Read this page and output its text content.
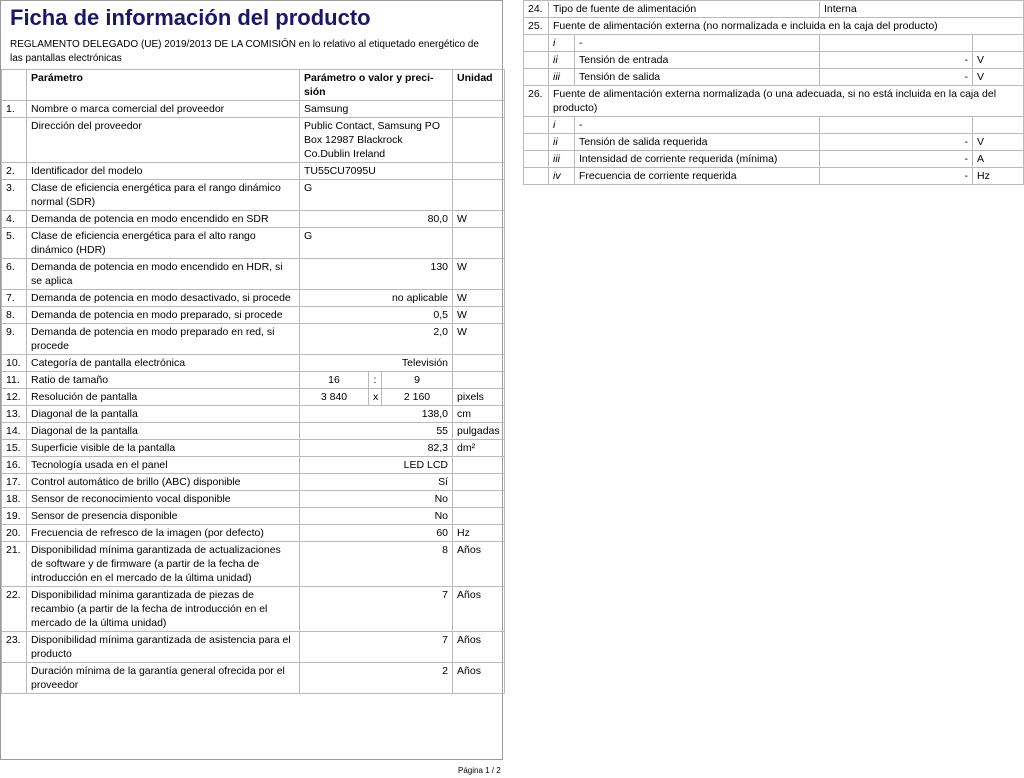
Ficha de información del producto
REGLAMENTO DELEGADO (UE) 2019/2013 DE LA COMISIÓN en lo relativo al etiquetado energético de las pantallas electrónicas
	Parámetro	Parámetro o valor y preci-sión			Unidad
1.	Nombre o marca comercial del proveedor	Samsung			
	Dirección del proveedor	Public Contact, Samsung PO Box 12987 Blackrock Co.Dublin Ireland			
2.	Identificador del modelo	TU55CU7095U			
3.	Clase de eficiencia energética para el rango dinámico normal (SDR)	G			
4.	Demanda de potencia en modo encendido en SDR	80,0			W
5.	Clase de eficiencia energética para el alto rango dinámico (HDR)	G			
6.	Demanda de potencia en modo encendido en HDR, si se aplica	130			W
7.	Demanda de potencia en modo desactivado, si procede	no aplicable			W
8.	Demanda de potencia en modo preparado, si procede	0,5			W
9.	Demanda de potencia en modo preparado en red, si procede	2,0			W
10.	Categoría de pantalla electrónica	Televisión			
11.	Ratio de tamaño	16	:	9	
12.	Resolución de pantalla	3 840	x	2 160	pixels
13.	Diagonal de la pantalla	138,0			cm
14.	Diagonal de la pantalla	55			pulgadas
15.	Superficie visible de la pantalla	82,3			dm²
16.	Tecnología usada en el panel	LED LCD			
17.	Control automático de brillo (ABC) disponible	Sí			
18.	Sensor de reconocimiento vocal disponible	No			
19.	Sensor de presencia disponible	No			
20.	Frecuencia de refresco de la imagen (por defecto)	60			Hz
21.	Disponibilidad mínima garantizada de actualizaciones de software y de firmware (a partir de la fecha de introducción en el mercado de la última unidad)	8			Años
22.	Disponibilidad mínima garantizada de piezas de recambio (a partir de la fecha de introducción en el mercado de la última unidad)	7			Años
23.	Disponibilidad mínima garantizada de asistencia para el producto	7			Años
	Duración mínima de la garantía general ofrecida por el proveedor	2			Años
Página 1 / 2
24.	Tipo de fuente de alimentación		Interna	
25.	Fuente de alimentación externa (no normalizada e incluida en la caja del producto)			
	i	-		
	ii	Tensión de entrada	-	V
	iii	Tensión de salida	-	V
26.	Fuente de alimentación externa normalizada (o una adecuada, si no está incluida en la caja del producto)			
	i	-		
	ii	Tensión de salida requerida	-	V
	iii	Intensidad de corriente requerida (mínima)	-	A
	iv	Frecuencia de corriente requerida	-	Hz
